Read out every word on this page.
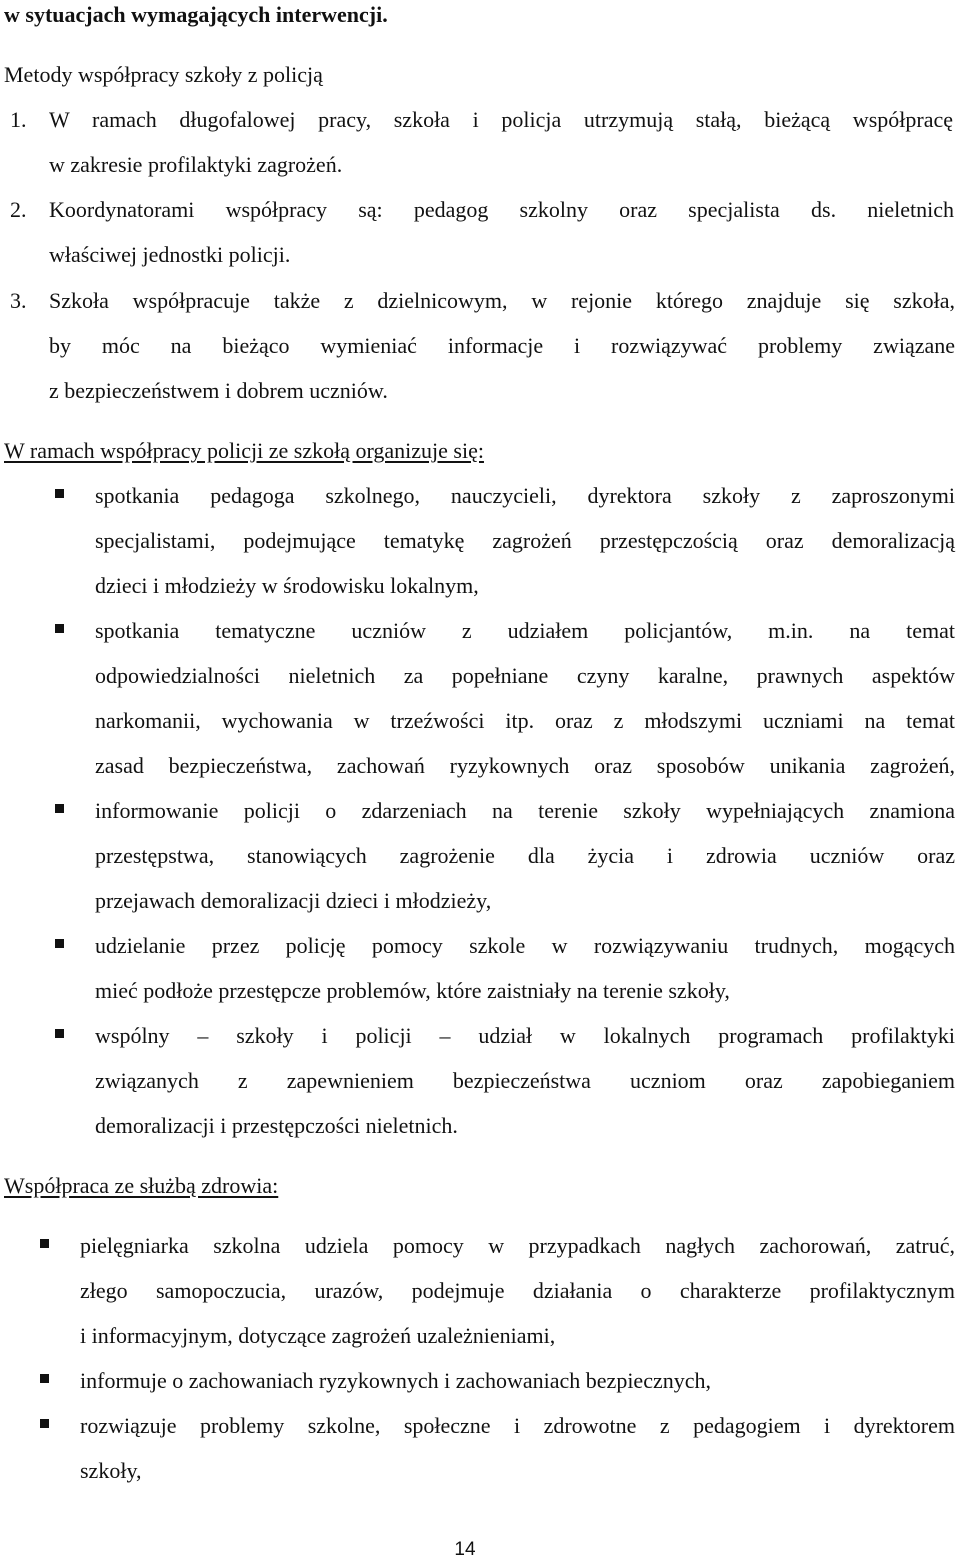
w sytuacjach wymagających interwencji.
Metody współpracy szkoły z policją
1. W ramach długofalowej pracy, szkoła i policja utrzymują stałą, bieżącą współpracę
w zakresie profilaktyki zagrożeń.
2. Koordynatorami współpracy są: pedagog szkolny oraz specjalista ds. nieletnich
właściwej jednostki policji.
3. Szkoła współpracuje także z dzielnicowym, w rejonie którego znajduje się szkoła,
by móc na bieżąco wymieniać informacje i rozwiązywać problemy związane
z bezpieczeństwem i dobrem uczniów.
W ramach współpracy policji ze szkołą organizuje się:
spotkania pedagoga szkolnego, nauczycieli, dyrektora szkoły z zaproszonymi
specjalistami, podejmujące tematykę zagrożeń przestępczością oraz demoralizacją
dzieci i młodzieży w środowisku lokalnym,
spotkania tematyczne uczniów z udziałem policjantów, m.in. na temat
odpowiedzialności nieletnich za popełniane czyny karalne, prawnych aspektów
narkomanii, wychowania w trzeźwości itp. oraz z młodszymi uczniami na temat
zasad bezpieczeństwa, zachowań ryzykownych oraz sposobów unikania zagrożeń,
informowanie policji o zdarzeniach na terenie szkoły wypełniających znamiona
przestępstwa, stanowiących zagrożenie dla życia i zdrowia uczniów oraz
przejawach demoralizacji dzieci i młodzieży,
udzielanie przez policję pomocy szkole w rozwiązywaniu trudnych, mogących
mieć podłoże przestępcze problemów, które zaistniały na terenie szkoły,
wspólny – szkoły i policji – udział w lokalnych programach profilaktyki
związanych z zapewnieniem bezpieczeństwa uczniom oraz zapobieganiem
demoralizacji i przestępczości nieletnich.
Współpraca ze służbą zdrowia:
pielęgniarka szkolna udziela pomocy w przypadkach nagłych zachorowań, zatruć,
złego samopoczucia, urazów, podejmuje działania o charakterze profilaktycznym
i informacyjnym, dotyczące zagrożeń uzależnieniami,
informuje o zachowaniach ryzykownych i zachowaniach bezpiecznych,
rozwiązuje problemy szkolne, społeczne i zdrowotne z pedagogiem i dyrektorem
szkoły,
14
